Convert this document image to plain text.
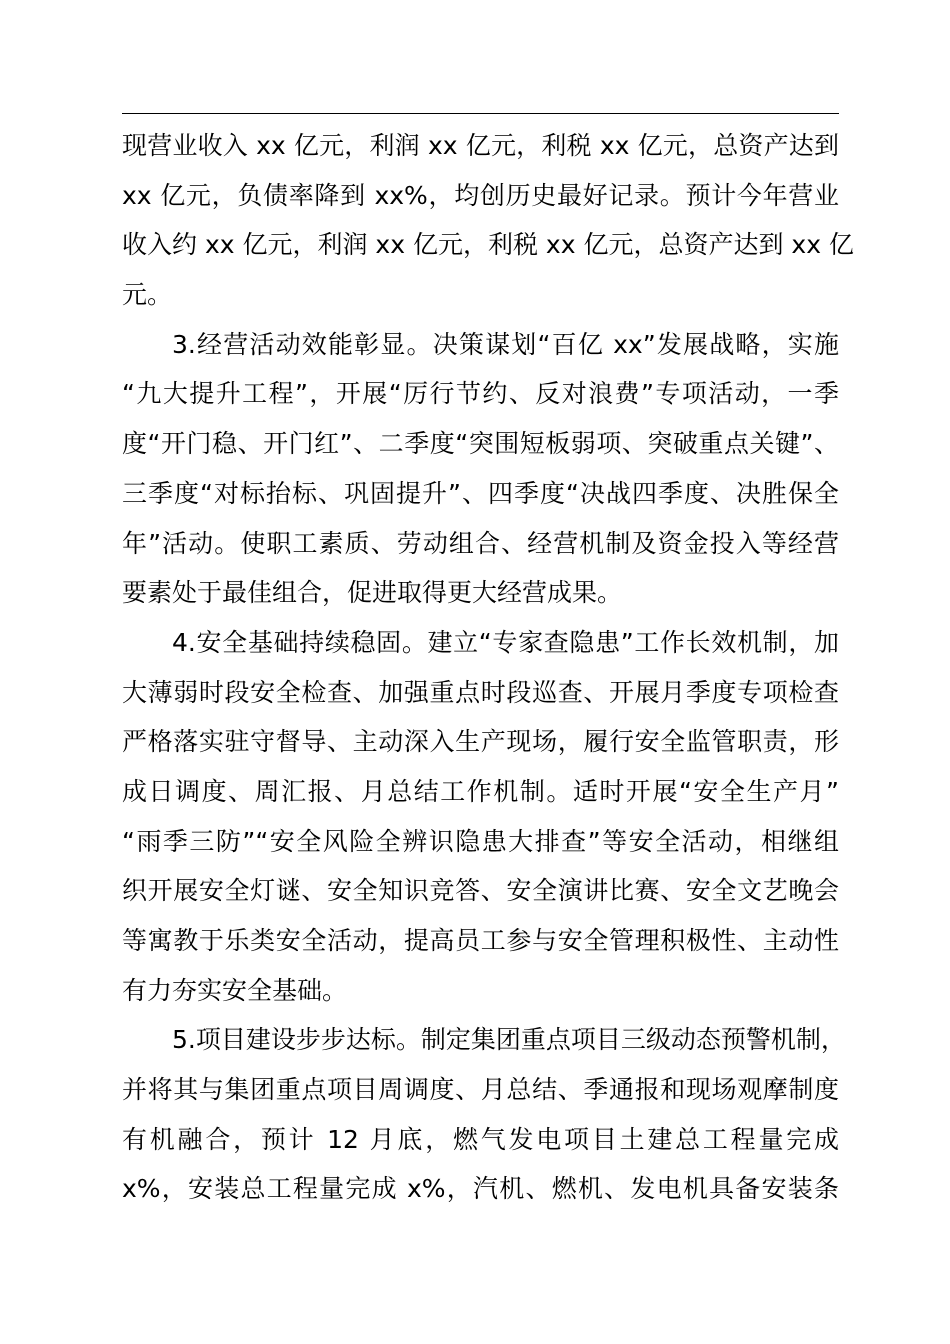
现营业收入 xx 亿元，利润 xx 亿元，利税 xx 亿元，总资产达到
xx 亿元，负债率降到 xx%，均创历史最好记录。预计今年营业
收入约 xx 亿元，利润 xx 亿元，利税 xx 亿元，总资产达到 xx 亿
元。
3.经营活动效能彰显。决策谋划“百亿 xx”发展战略，实施
“九大提升工程”，开展“厉行节约、反对浪费”专项活动，一季
度“开门稳、开门红”、二季度“突围短板弱项、突破重点关键”、
三季度“对标抬标、巩固提升”、四季度“决战四季度、决胜保全
年”活动。使职工素质、劳动组合、经营机制及资金投入等经营
要素处于最佳组合，促进取得更大经营成果。
4.安全基础持续稳固。建立“专家查隐患”工作长效机制，加
大薄弱时段安全检查、加强重点时段巡查、开展月季度专项检查
严格落实驻守督导、主动深入生产现场，履行安全监管职责，形
成日调度、周汇报、月总结工作机制。适时开展“安全生产月”
“雨季三防”“安全风险全辨识隐患大排查”等安全活动，相继组
织开展安全灯谜、安全知识竞答、安全演讲比赛、安全文艺晚会
等寓教于乐类安全活动，提高员工参与安全管理积极性、主动性
有力夯实安全基础。
5.项目建设步步达标。制定集团重点项目三级动态预警机制，
并将其与集团重点项目周调度、月总结、季通报和现场观摩制度
有机融合，预计 12 月底，燃气发电项目土建总工程量完成
x%，安装总工程量完成 x%，汽机、燃机、发电机具备安装条
